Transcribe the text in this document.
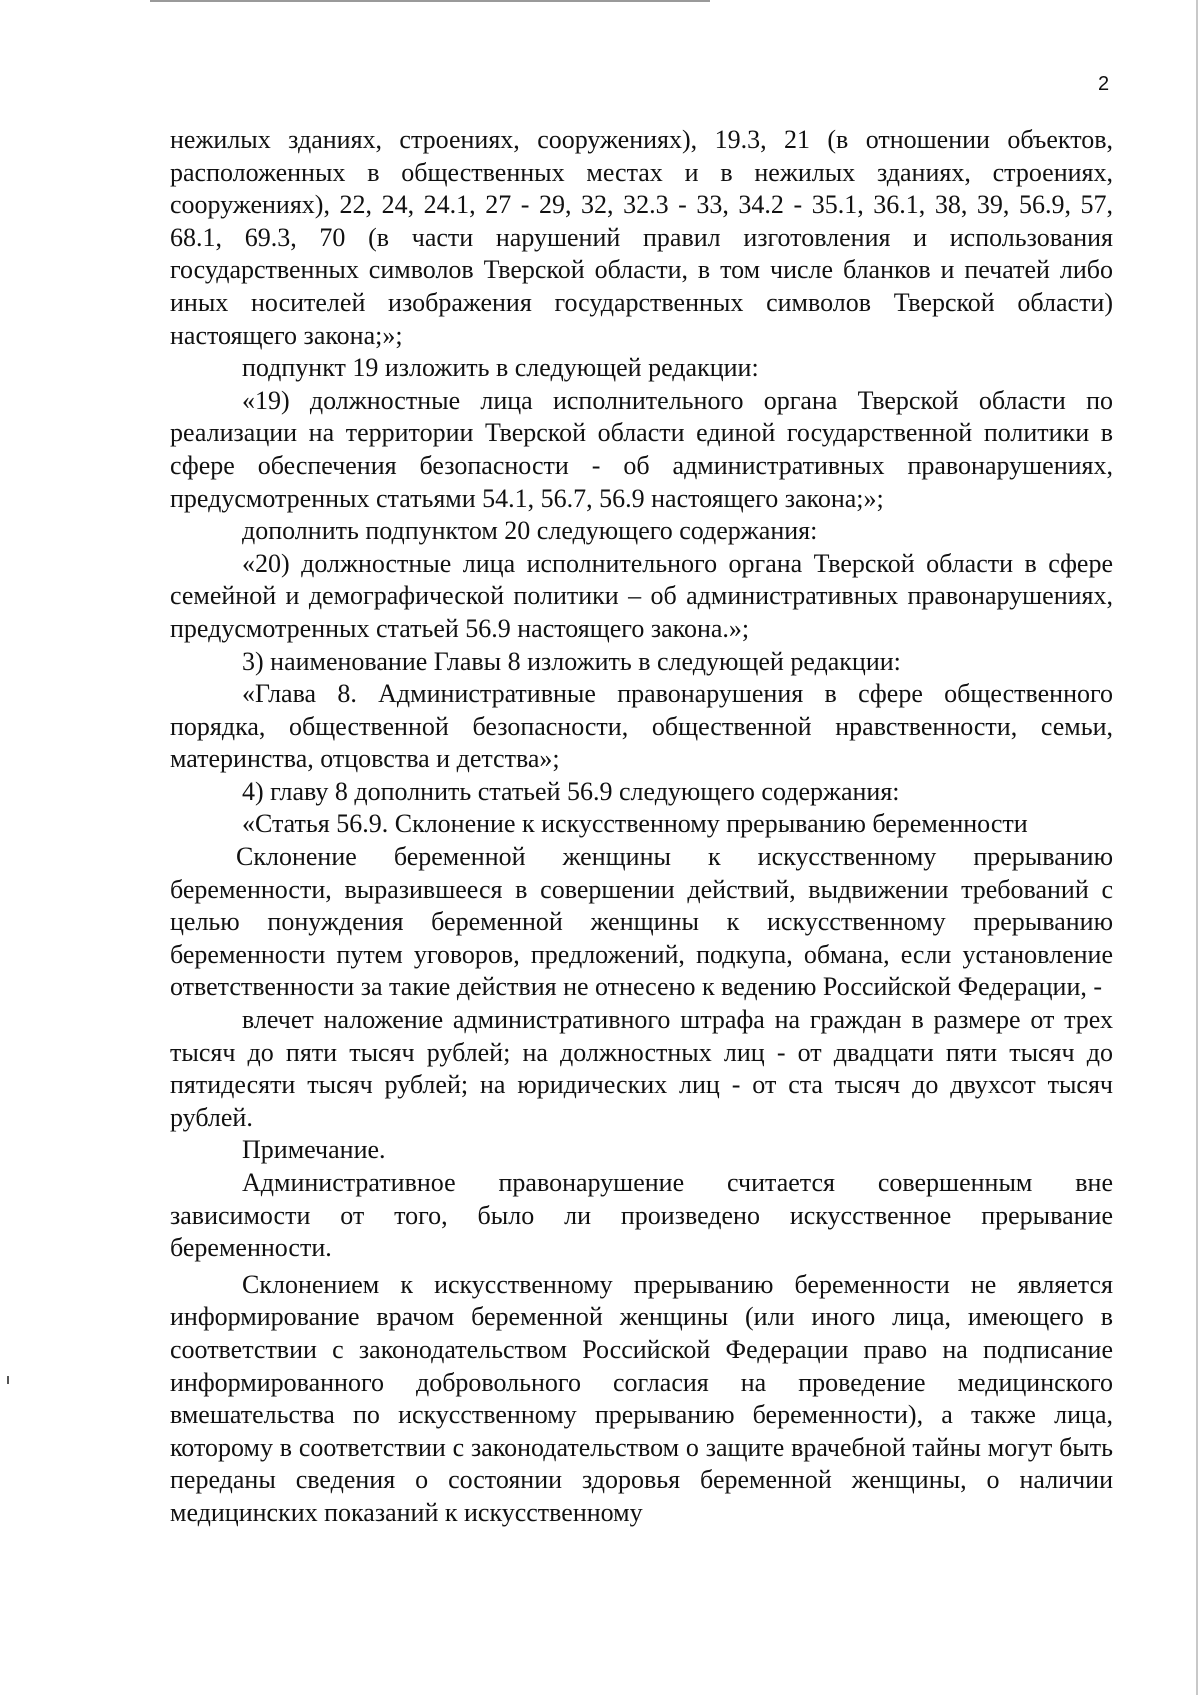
2

нежилых зданиях, строениях, сооружениях), 19.3, 21 (в отношении объектов, расположенных в общественных местах и в нежилых зданиях, строениях, сооружениях), 22, 24, 24.1, 27 - 29, 32, 32.3 - 33, 34.2 - 35.1, 36.1, 38, 39, 56.9, 57, 68.1, 69.3, 70 (в части нарушений правил изготовления и использования государственных символов Тверской области, в том числе бланков и печатей либо иных носителей изображения государственных символов Тверской области) настоящего закона;»;

подпункт 19 изложить в следующей редакции:

«19) должностные лица исполнительного органа Тверской области по реализации на территории Тверской области единой государственной политики в сфере обеспечения безопасности - об административных правонарушениях, предусмотренных статьями 54.1, 56.7, 56.9 настоящего закона;»;

дополнить подпунктом 20 следующего содержания:

«20) должностные лица исполнительного органа Тверской области в сфере семейной и демографической политики – об административных правонарушениях, предусмотренных статьей 56.9 настоящего закона.»;

3) наименование Главы 8 изложить в следующей редакции:

«Глава 8. Административные правонарушения в сфере общественного порядка, общественной безопасности, общественной нравственности, семьи, материнства, отцовства и детства»;

4) главу 8 дополнить статьей 56.9 следующего содержания:

«Статья 56.9. Склонение к искусственному прерыванию беременности

Склонение беременной женщины к искусственному прерыванию беременности, выразившееся в совершении действий, выдвижении требований с целью понуждения беременной женщины к искусственному прерыванию беременности путем уговоров, предложений, подкупа, обмана, если установление ответственности за такие действия не отнесено к ведению Российской Федерации, -

влечет наложение административного штрафа на граждан в размере от трех тысяч до пяти тысяч рублей; на должностных лиц - от двадцати пяти тысяч до пятидесяти тысяч рублей; на юридических лиц - от ста тысяч до двухсот тысяч рублей.

Примечание.

Административное правонарушение считается совершенным вне зависимости от того, было ли произведено искусственное прерывание беременности.

Склонением к искусственному прерыванию беременности не является информирование врачом беременной женщины (или иного лица, имеющего в соответствии с законодательством Российской Федерации право на подписание информированного добровольного согласия на проведение медицинского вмешательства по искусственному прерыванию беременности), а также лица, которому в соответствии с законодательством о защите врачебной тайны могут быть переданы сведения о состоянии здоровья беременной женщины, о наличии медицинских показаний к искусственному
